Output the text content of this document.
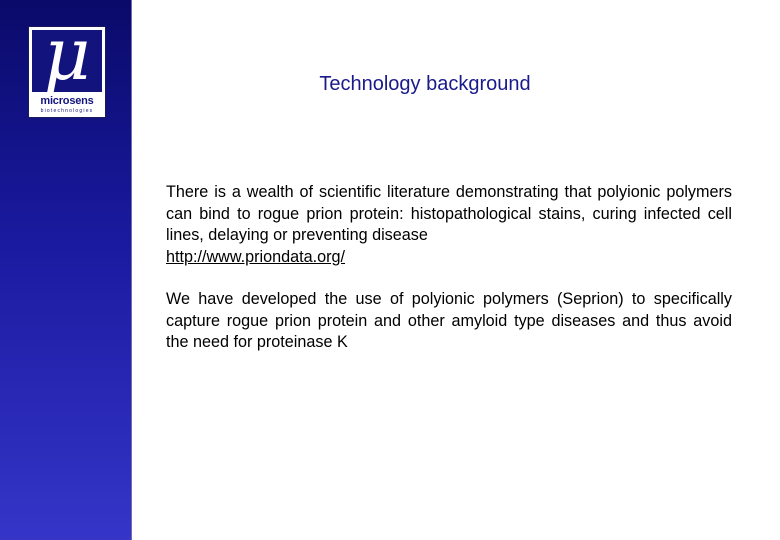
μ
microsens
biotechnologies
Technology background

There is a wealth of scientific literature demonstrating that polyionic polymers can bind to rogue prion protein: histopathological stains, curing infected cell lines, delaying or preventing disease

http://www.priondata.org/

We have developed the use of polyionic polymers (Seprion) to specifically capture rogue prion protein and other amyloid type diseases and thus avoid the need for proteinase K
